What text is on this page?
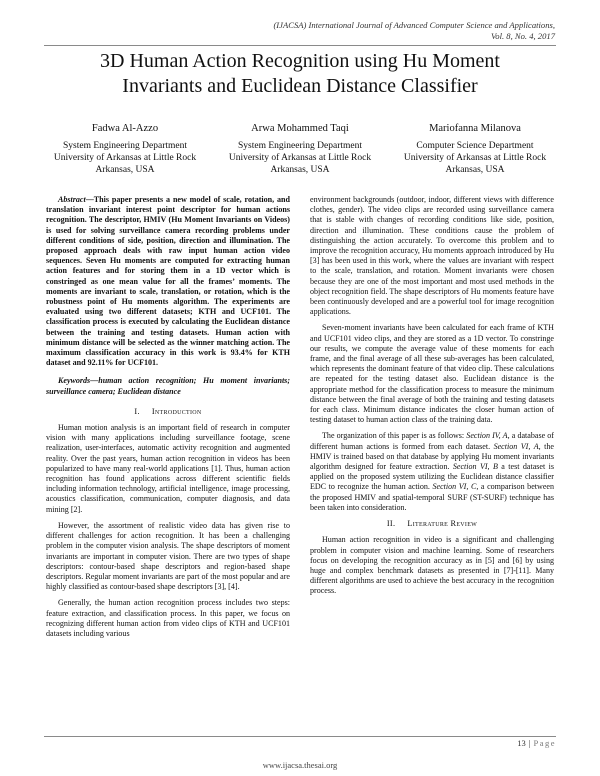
(IJACSA) International Journal of Advanced Computer Science and Applications,
Vol. 8, No. 4, 2017
3D Human Action Recognition using Hu Moment
Invariants and Euclidean Distance Classifier
Fadwa Al-Azzo
System Engineering Department
University of Arkansas at Little Rock
Arkansas, USA
Arwa Mohammed Taqi
System Engineering Department
University of Arkansas at Little Rock
Arkansas, USA
Mariofanna Milanova
Computer Science Department
University of Arkansas at Little Rock
Arkansas, USA

Abstract—This paper presents a new model of scale, rotation, and translation invariant interest point descriptor for human actions recognition. The descriptor, HMIV (Hu Moment Invariants on Videos) is used for solving surveillance camera recording problems under different conditions of side, position, direction and illumination. The proposed approach deals with raw input human action video sequences. Seven Hu moments are computed for extracting human action features and for storing them in a 1D vector which is constringed as one mean value for all the frames’ moments. The moments are invariant to scale, translation, or rotation, which is the robustness point of Hu moments algorithm. The experiments are evaluated using two different datasets; KTH and UCF101. The classification process is executed by calculating the Euclidean distance between the training and testing datasets. Human action with minimum distance will be selected as the winner matching action. The maximum classification accuracy in this work is 93.4% for KTH dataset and 92.11% for UCF101.

Keywords—human action recognition; Hu moment invariants; surveillance camera; Euclidean distance

I. Introduction

Human motion analysis is an important field of research in computer vision with many applications including surveillance footage, scene realization, user-interfaces, automatic activity recognition and augmented reality. Over the past years, human action recognition in videos has been popularized to have many real-world applications [1]. Thus, human action recognition has found applications across different scientific fields including information technology, artificial intelligence, image processing, acoustics classification, communication, computer diagnosis, and data mining [2].

However, the assortment of realistic video data has given rise to different challenges for action recognition. It has been a challenging problem in the computer vision analysis. The shape descriptors of moment invariants are important in computer vision. There are two types of shape descriptors: contour-based shape descriptors and region-based shape descriptors. Regular moment invariants are part of the most popular and are highly classified as contour-based shape descriptors [3], [4].

Generally, the human action recognition process includes two steps: feature extraction, and classification process. In this paper, we focus on recognizing different human action from video clips of KTH and UCF101 datasets including various

environment backgrounds (outdoor, indoor, different views with difference clothes, gender). The video clips are recorded using surveillance camera that is stable with changes of recording conditions like side, position, direction and illumination. These conditions cause the problem of distinguishing the action accurately. To overcome this problem and to improve the recognition accuracy, Hu moments approach introduced by Hu [3] has been used in this work, where the values are invariant with respect to the scale, translation, and rotation. Moment invariants were chosen because they are one of the most important and most used methods in the object recognition field. The shape descriptors of Hu moments feature have been continuously developed and are a powerful tool for image recognition applications.

Seven-moment invariants have been calculated for each frame of KTH and UCF101 video clips, and they are stored as a 1D vector. To constringe our results, we compute the average value of these moments for each frame, and the final average of all these sub-averages has been calculated, which represents the dominant feature of that video clip. These calculations are repeated for the testing dataset also. Euclidean distance is the appropriate method for the classification process to measure the minimum distance between the final average of both the training and testing datasets for each class. Minimum distance indicates the closer human action of testing dataset to human action class of the training data.

The organization of this paper is as follows: Section IV, A, a database of different human actions is formed from each dataset. Section VI, A, the HMIV is trained based on that database by applying Hu moment invariants algorithm designed for feature extraction. Section VI, B a test dataset is applied on the proposed system utilizing the Euclidean distance classifier EDC to recognize the human action. Section VI, C, a comparison between the proposed HMIV and spatial-temporal SURF (ST-SURF) technique has been taken into consideration.

II. Literature Review

Human action recognition in video is a significant and challenging problem in computer vision and machine learning. Some of researchers focus on developing the recognition accuracy as in [5] and [6] by using huge and complex benchmark datasets as presented in [7]-[11]. Many different algorithms are used to achieve the best accuracy in the recognition process.

13 | Page
www.ijacsa.thesai.org
